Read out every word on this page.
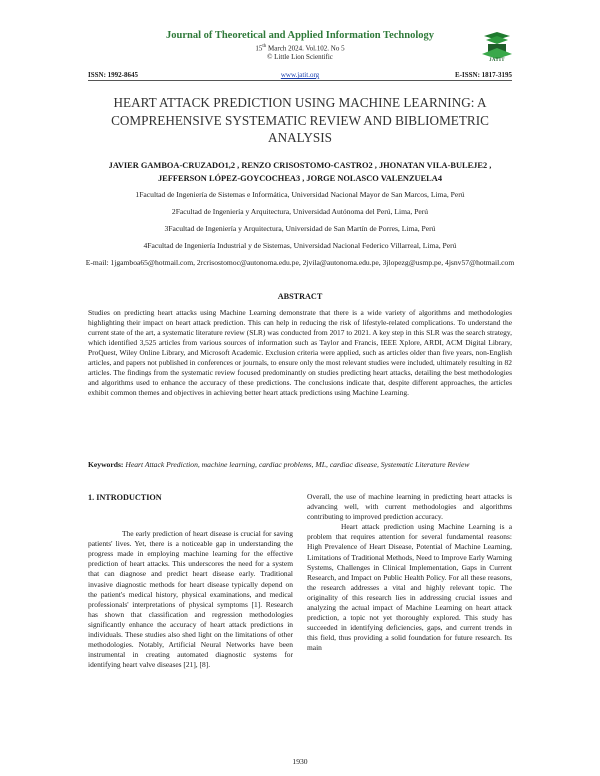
Journal of Theoretical and Applied Information Technology
15th March 2024. Vol.102. No 5
© Little Lion Scientific	JATIT
ISSN: 1992-8645	www.jatit.org	E-ISSN: 1817-3195
HEART ATTACK PREDICTION USING MACHINE LEARNING: A COMPREHENSIVE SYSTEMATIC REVIEW AND BIBLIOMETRIC ANALYSIS
JAVIER GAMBOA-CRUZADO1,2 , RENZO CRISOSTOMO-CASTRO2 , JHONATAN VILA-BULEJE2 , JEFFERSON LÓPEZ-GOYCOCHEA3 , JORGE NOLASCO VALENZUELA4
1Facultad de Ingeniería de Sistemas e Informática, Universidad Nacional Mayor de San Marcos, Lima, Perú
2Facultad de Ingeniería y Arquitectura, Universidad Autónoma del Perú, Lima, Perú
3Facultad de Ingeniería y Arquitectura, Universidad de San Martín de Porres, Lima, Perú
4Facultad de Ingeniería Industrial y de Sistemas, Universidad Nacional Federico Villarreal, Lima, Perú
E-mail: 1jgamboa65@hotmail.com, 2rcrisostomoc@autonoma.edu.pe, 2jvila@autonoma.edu.pe, 3jlopezg@usmp.pe, 4jsnv57@hotmail.com
ABSTRACT
Studies on predicting heart attacks using Machine Learning demonstrate that there is a wide variety of algorithms and methodologies highlighting their impact on heart attack prediction. This can help in reducing the risk of lifestyle-related complications. To understand the current state of the art, a systematic literature review (SLR) was conducted from 2017 to 2021. A key step in this SLR was the search strategy, which identified 3,525 articles from various sources of information such as Taylor and Francis, IEEE Xplore, ARDI, ACM Digital Library, ProQuest, Wiley Online Library, and Microsoft Academic. Exclusion criteria were applied, such as articles older than five years, non-English articles, and papers not published in conferences or journals, to ensure only the most relevant studies were included, ultimately resulting in 82 articles. The findings from the systematic review focused predominantly on studies predicting heart attacks, detailing the best methodologies and algorithms used to enhance the accuracy of these predictions. The conclusions indicate that, despite different approaches, the articles exhibit common themes and objectives in achieving better heart attack predictions using Machine Learning.
Keywords: Heart Attack Prediction, machine learning, cardiac problems, ML, cardiac disease, Systematic Literature Review
1. INTRODUCTION

The early prediction of heart disease is crucial for saving patients' lives. Yet, there is a noticeable gap in understanding the progress made in employing machine learning for the effective prediction of heart attacks. This underscores the need for a system that can diagnose and predict heart disease early. Traditional invasive diagnostic methods for heart disease typically depend on the patient's medical history, physical examinations, and medical professionals' interpretations of physical symptoms [1]. Research has shown that classification and regression methodologies significantly enhance the accuracy of heart attack predictions in individuals. These studies also shed light on the limitations of other methodologies. Notably, Artificial Neural Networks have been instrumental in creating automated diagnostic systems for identifying heart valve diseases [21], [8].

Overall, the use of machine learning in predicting heart attacks is advancing well, with current methodologies and algorithms contributing to improved prediction accuracy.

Heart attack prediction using Machine Learning is a problem that requires attention for several fundamental reasons: High Prevalence of Heart Disease, Potential of Machine Learning, Limitations of Traditional Methods, Need to Improve Early Warning Systems, Challenges in Clinical Implementation, Gaps in Current Research, and Impact on Public Health Policy. For all these reasons, the research addresses a vital and highly relevant topic. The originality of this research lies in addressing crucial issues and analyzing the actual impact of Machine Learning on heart attack prediction, a topic not yet thoroughly explored. This study has succeeded in identifying deficiencies, gaps, and current trends in this field, thus providing a solid foundation for future research. Its main

1930
